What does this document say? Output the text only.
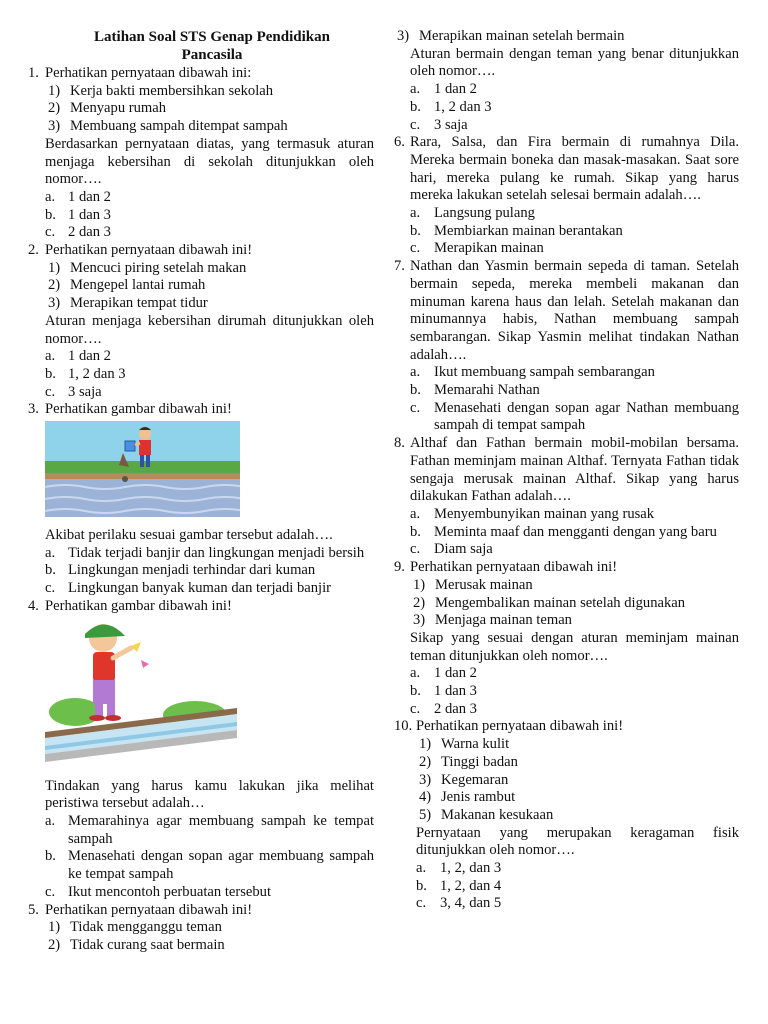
Latihan Soal STS Genap Pendidikan
Pancasila
1. Perhatikan pernyataan dibawah ini:
1) Kerja bakti membersihkan sekolah
2) Menyapu rumah
3) Membuang sampah ditempat sampah
Berdasarkan pernyataan diatas, yang termasuk aturan menjaga kebersihan di sekolah ditunjukkan oleh nomor….
a. 1 dan 2
b. 1 dan 3
c. 2 dan 3
2. Perhatikan pernyataan dibawah ini!
1) Mencuci piring setelah makan
2) Mengepel lantai rumah
3) Merapikan tempat tidur
Aturan menjaga kebersihan dirumah ditunjukkan oleh nomor….
a. 1 dan 2
b. 1, 2 dan 3
c. 3 saja
3. Perhatikan gambar dibawah ini!
Akibat perilaku sesuai gambar tersebut adalah….
a. Tidak terjadi banjir dan lingkungan menjadi bersih
b. Lingkungan menjadi terhindar dari kuman
c. Lingkungan banyak kuman dan terjadi banjir
4. Perhatikan gambar dibawah ini!
Tindakan yang harus kamu lakukan jika melihat peristiwa tersebut adalah…
a. Memarahinya agar membuang sampah ke tempat sampah
b. Menasehati dengan sopan agar membuang sampah ke tempat sampah
c. Ikut mencontoh perbuatan tersebut
5. Perhatikan pernyataan dibawah ini!
1) Tidak mengganggu teman
2) Tidak curang saat bermain
3) Merapikan mainan setelah bermain
Aturan bermain dengan teman yang benar ditunjukkan oleh nomor….
a. 1 dan 2
b. 1, 2 dan 3
c. 3 saja
6. Rara, Salsa, dan Fira bermain di rumahnya Dila. Mereka bermain boneka dan masak-masakan. Saat sore hari, mereka pulang ke rumah. Sikap yang harus mereka lakukan setelah selesai bermain adalah….
a. Langsung pulang
b. Membiarkan mainan berantakan
c. Merapikan mainan
7. Nathan dan Yasmin bermain sepeda di taman. Setelah bermain sepeda, mereka membeli makanan dan minuman karena haus dan lelah. Setelah makanan dan minumannya habis, Nathan membuang sampah sembarangan. Sikap Yasmin melihat tindakan Nathan adalah….
a. Ikut membuang sampah sembarangan
b. Memarahi Nathan
c. Menasehati dengan sopan agar Nathan membuang sampah di tempat sampah
8. Althaf dan Fathan bermain mobil-mobilan bersama. Fathan meminjam mainan Althaf. Ternyata Fathan tidak sengaja merusak mainan Althaf. Sikap yang harus dilakukan Fathan adalah….
a. Menyembunyikan mainan yang rusak
b. Meminta maaf dan mengganti dengan yang baru
c. Diam saja
9. Perhatikan pernyataan dibawah ini!
1) Merusak mainan
2) Mengembalikan mainan setelah digunakan
3) Menjaga mainan teman
Sikap yang sesuai dengan aturan meminjam mainan teman ditunjukkan oleh nomor….
a. 1 dan 2
b. 1 dan 3
c. 2 dan 3
10. Perhatikan pernyataan dibawah ini!
1) Warna kulit
2) Tinggi badan
3) Kegemaran
4) Jenis rambut
5) Makanan kesukaan
Pernyataan yang merupakan keragaman fisik ditunjukkan oleh nomor….
a. 1, 2, dan 3
b. 1, 2, dan 4
c. 3, 4, dan 5
